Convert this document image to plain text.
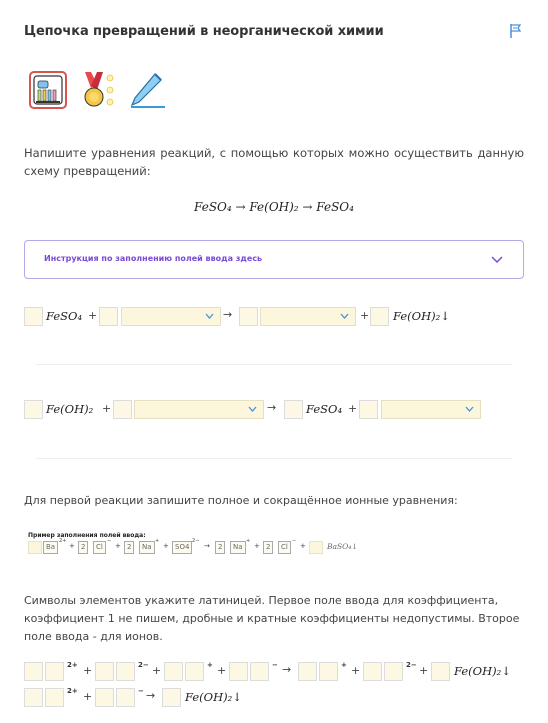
Цепочка превращений в неорганической химии
Напишите уравнения реакций, с помощью которых можно осуществить данную схему превращений:
FeSO₄ → Fe(OH)₂ → FeSO₄
Инструкция по заполнению полей ввода здесь
FeSO₄ +	→	+ Fe(OH)₂↓
Fe(OH)₂ +	→	FeSO₄ +
Для первой реакции запишите полное и сокращённое ионные уравнения:
Пример заполнения полей ввода:
Ba
2+
+ 2	Cl
−
+ 2	Na
+
+ SO4
2−
→	2	Na
+
+ 2	Cl
−
+	BaSO₄↓
Символы элементов укажите латиницей. Первое поле ввода для коэффициента, коэффициент 1 не пишем, дробные и кратные коэффициенты недопустимы. Второе поле ввода - для ионов.
2+ +	2− +	+ +	− →	+ +	2− + Fe(OH)₂↓
2+ +	− →	Fe(OH)₂↓
